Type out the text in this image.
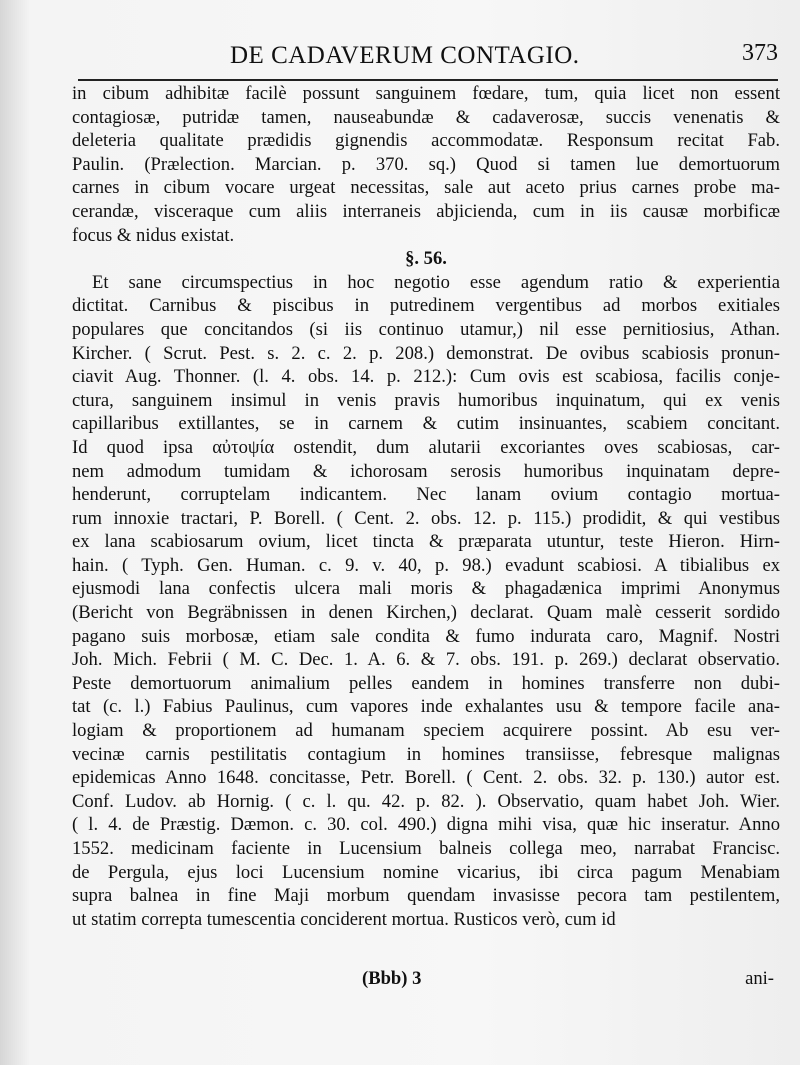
DE CADAVERUM CONTAGIO.	373
in cibum adhibitæ facilè possunt sanguinem fœdare, tum, quia licet non essent
contagiosæ, putridæ tamen, nauseabundæ & cadaverosæ, succis venenatis &
deleteria qualitate prædidis gignendis accommodatæ. Responsum recitat Fab.
Paulin. (Prælection. Marcian. p. 370. sq.) Quod si tamen lue demortuorum
carnes in cibum vocare urgeat necessitas, sale aut aceto prius carnes probe ma-
cerandæ, visceraque cum aliis interraneis abjicienda, cum in iis causæ morbificæ
focus & nidus existat.
§. 56.
Et sane circumspectius in hoc negotio esse agendum ratio & experientia
dictitat. Carnibus & piscibus in putredinem vergentibus ad morbos exitiales
populares que concitandos (si iis continuo utamur,) nil esse pernitiosius, Athan.
Kircher. ( Scrut. Pest. s. 2. c. 2. p. 208.) demonstrat. De ovibus scabiosis pronun-
ciavit Aug. Thonner. (l. 4. obs. 14. p. 212.): Cum ovis est scabiosa, facilis conje-
ctura, sanguinem insimul in venis pravis humoribus inquinatum, qui ex venis
capillaribus extillantes, se in carnem & cutim insinuantes, scabiem concitant.
Id quod ipsa αὐτοψία ostendit, dum alutarii excoriantes oves scabiosas, car-
nem admodum tumidam & ichorosam serosis humoribus inquinatam depre-
henderunt, corruptelam indicantem. Nec lanam ovium contagio mortua-
rum innoxie tractari, P. Borell. ( Cent. 2. obs. 12. p. 115.) prodidit, & qui vestibus
ex lana scabiosarum ovium, licet tincta & præparata utuntur, teste Hieron. Hirn-
hain. ( Typh. Gen. Human. c. 9. v. 40, p. 98.) evadunt scabiosi. A tibialibus ex
ejusmodi lana confectis ulcera mali moris & phagadænica imprimi Anonymus
(Bericht von Begräbnissen in denen Kirchen,) declarat. Quam malè cesserit sordido
pagano suis morbosæ, etiam sale condita & fumo indurata caro, Magnif. Nostri
Joh. Mich. Febrii ( M. C. Dec. 1. A. 6. & 7. obs. 191. p. 269.) declarat observatio.
Peste demortuorum animalium pelles eandem in homines transferre non dubi-
tat (c. l.) Fabius Paulinus, cum vapores inde exhalantes usu & tempore facile ana-
logiam & proportionem ad humanam speciem acquirere possint. Ab esu ver-
vecinæ carnis pestilitatis contagium in homines transiisse, febresque malignas
epidemicas Anno 1648. concitasse, Petr. Borell. ( Cent. 2. obs. 32. p. 130.) autor est.
Conf. Ludov. ab Hornig. ( c. l. qu. 42. p. 82. ). Observatio, quam habet Joh. Wier.
( l. 4. de Præstig. Dæmon. c. 30. col. 490.) digna mihi visa, quæ hic inseratur. Anno
1552. medicinam faciente in Lucensium balneis collega meo, narrabat Francisc.
de Pergula, ejus loci Lucensium nomine vicarius, ibi circa pagum Menabiam
supra balnea in fine Maji morbum quendam invasisse pecora tam pestilentem,
ut statim correpta tumescentia conciderent mortua. Rusticos verò, cum id
(Bbb) 3	ani-
